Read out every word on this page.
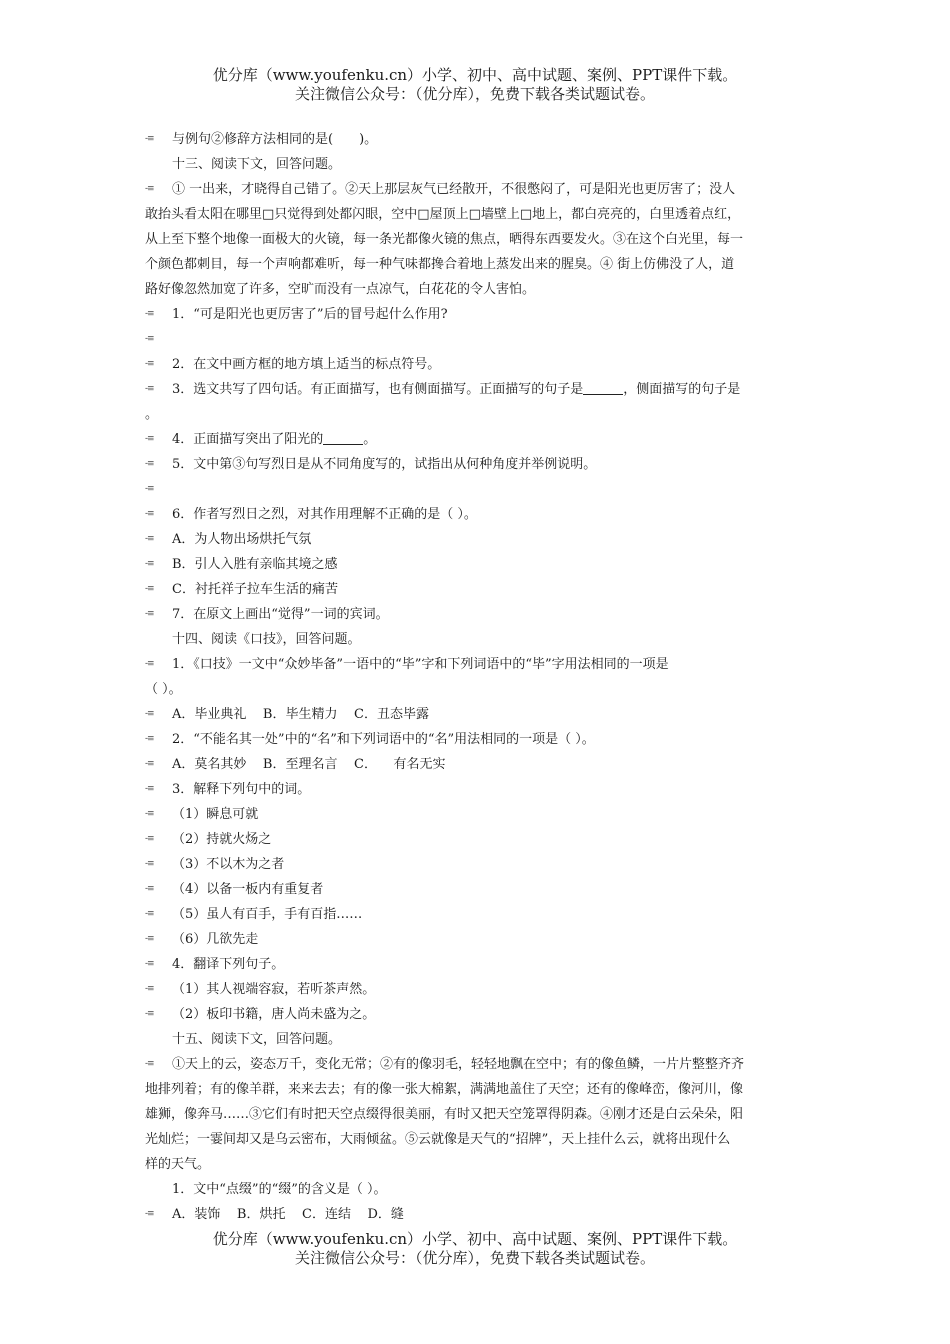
优分库（www.youfenku.cn）小学、初中、高中试题、案例、PPT课件下载。
关注微信公众号：（优分库），免费下载各类试题试卷。
-≡ 与例句②修辞方法相同的是(　　)。
十三、阅读下文，回答问题。
-≡ ① 一出来，才晓得自己错了。②天上那层灰气已经散开，不很憋闷了，可是阳光也更厉害了；没人
敢抬头看太阳在哪里□只觉得到处都闪眼，空中□屋顶上□墙壁上□地上，都白亮亮的，白里透着点红，
从上至下整个地像一面极大的火镜，每一条光都像火镜的焦点，晒得东西要发火。③在这个白光里，每一
个颜色都刺目，每一个声响都难听，每一种气味都搀合着地上蒸发出来的腥臭。④ 街上仿佛没了人，道
路好像忽然加宽了许多，空旷而没有一点凉气，白花花的令人害怕。
-≡ 1．“可是阳光也更厉害了”后的冒号起什么作用?
-≡
-≡ 2．在文中画方框的地方填上适当的标点符号。
-≡ 3．选文共写了四句话。有正面描写，也有侧面描写。正面描写的句子是	，侧面描写的句子是
。
-≡ 4．正面描写突出了阳光的	。
-≡ 5．文中第③句写烈日是从不同角度写的，试指出从何种角度并举例说明。
-≡
-≡ 6．作者写烈日之烈，对其作用理解不正确的是（ ）。
-≡ A．为人物出场烘托气氛
-≡ B．引人入胜有亲临其境之感
-≡ C．衬托祥子拉车生活的痛苦
-≡ 7．在原文上画出“觉得”一词的宾词。
十四、阅读《口技》，回答问题。
-≡ 1．《口技》一文中“众妙毕备”一语中的“毕”字和下列词语中的“毕”字用法相同的一项是
（ ）。
-≡ A．毕业典礼    B．毕生精力    C．丑态毕露
-≡ 2．“不能名其一处”中的“名”和下列词语中的“名”用法相同的一项是（ ）。
-≡ A．莫名其妙    B．至理名言    C．    有名无实
-≡ 3．解释下列句中的词。
-≡ （1）瞬息可就
-≡ （2）持就火炀之
-≡ （3）不以木为之者
-≡ （4）以备一板内有重复者
-≡ （5）虽人有百手，手有百指……
-≡ （6）几欲先走
-≡ 4．翻译下列句子。
-≡ （1）其人视端容寂，若听茶声然。
-≡ （2）板印书籍，唐人尚未盛为之。
十五、阅读下文，回答问题。
-≡ ①天上的云，姿态万千，变化无常；②有的像羽毛，轻轻地飘在空中；有的像鱼鳞，一片片整整齐齐
地排列着；有的像羊群，来来去去；有的像一张大棉絮，满满地盖住了天空；还有的像峰峦，像河川，像
雄狮，像奔马……③它们有时把天空点缀得很美丽，有时又把天空笼罩得阴森。④刚才还是白云朵朵，阳
光灿烂；一霎间却又是乌云密布，大雨倾盆。⑤云就像是天气的“招牌”，天上挂什么云，就将出现什么
样的天气。
1．文中“点缀”的“缀”的含义是（ ）。
-≡ A．装饰    B．烘托    C．连结    D．缝
优分库（www.youfenku.cn）小学、初中、高中试题、案例、PPT课件下载。
关注微信公众号：（优分库），免费下载各类试题试卷。
